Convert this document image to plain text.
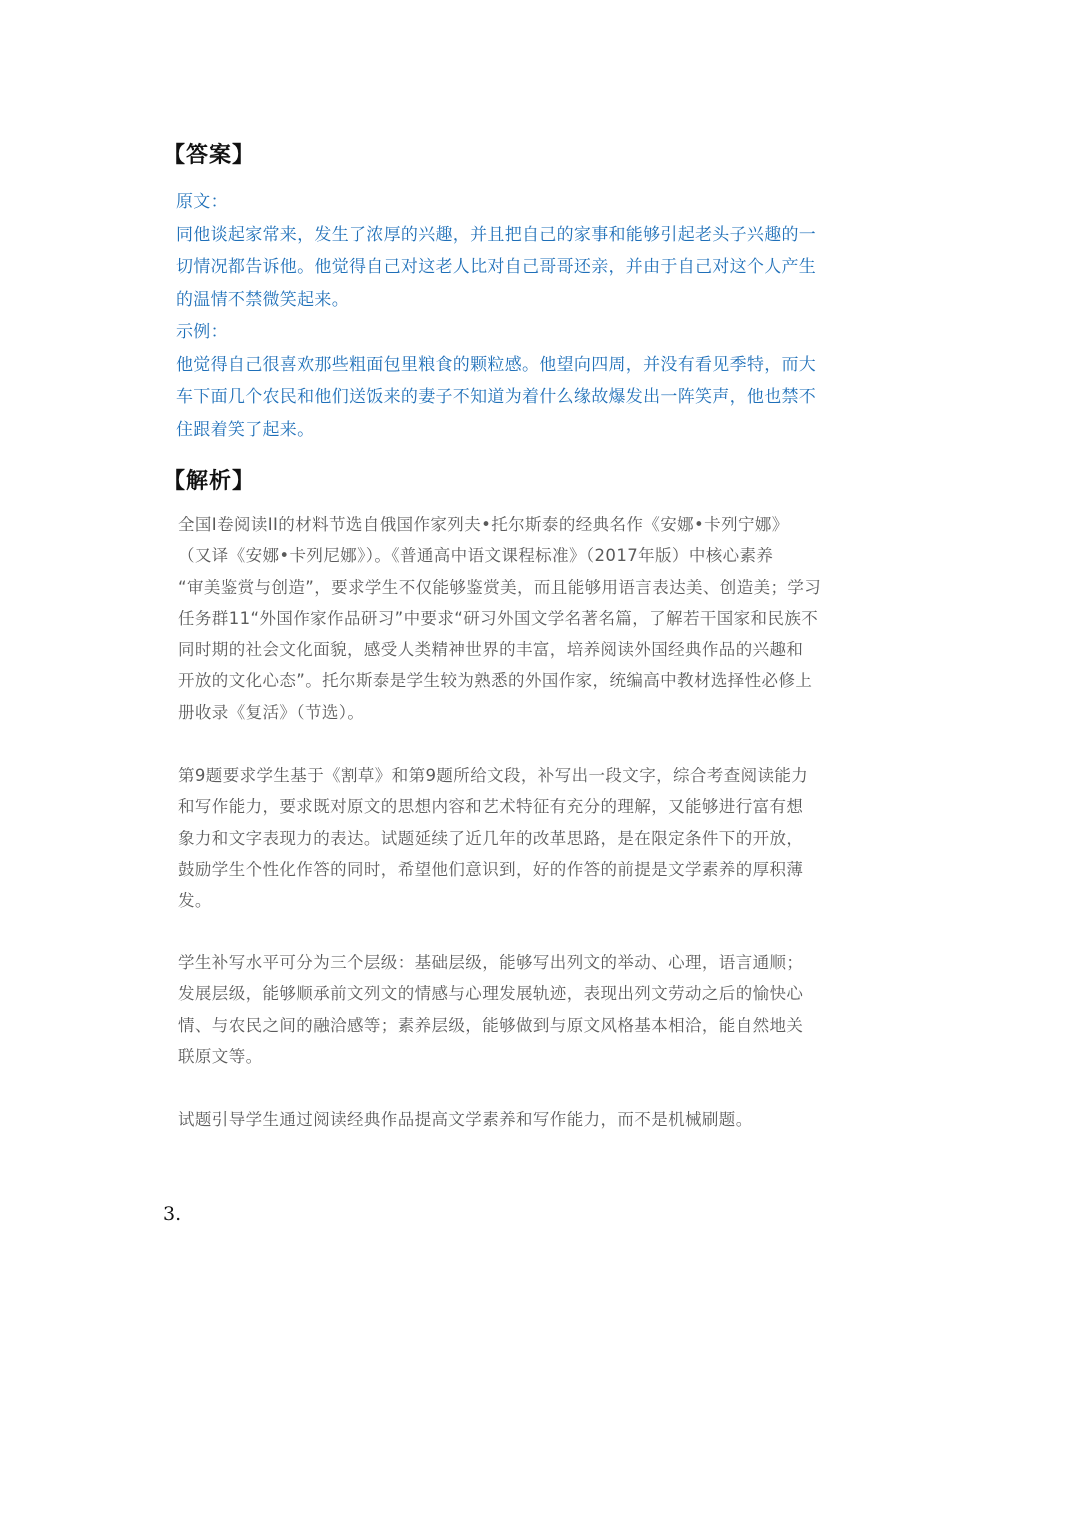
【答案】
原文：
同他谈起家常来，发生了浓厚的兴趣，并且把自己的家事和能够引起老头子兴趣的一
切情况都告诉他。他觉得自己对这老人比对自己哥哥还亲，并由于自己对这个人产生
的温情不禁微笑起来。
示例：
他觉得自己很喜欢那些粗面包里粮食的颗粒感。他望向四周，并没有看见季特，而大
车下面几个农民和他们送饭来的妻子不知道为着什么缘故爆发出一阵笑声，他也禁不
住跟着笑了起来。
【解析】
全国I卷阅读II的材料节选自俄国作家列夫•托尔斯泰的经典名作《安娜•卡列宁娜》
（又译《安娜•卡列尼娜》）。《普通高中语文课程标准》（2017年版）中核心素养
“审美鉴赏与创造”，要求学生不仅能够鉴赏美，而且能够用语言表达美、创造美；学习
任务群11“外国作家作品研习”中要求“研习外国文学名著名篇，了解若干国家和民族不
同时期的社会文化面貌，感受人类精神世界的丰富，培养阅读外国经典作品的兴趣和
开放的文化心态”。托尔斯泰是学生较为熟悉的外国作家，统编高中教材选择性必修上
册收录《复活》（节选）。
第9题要求学生基于《割草》和第9题所给文段，补写出一段文字，综合考查阅读能力
和写作能力，要求既对原文的思想内容和艺术特征有充分的理解，又能够进行富有想
象力和文字表现力的表达。试题延续了近几年的改革思路，是在限定条件下的开放，
鼓励学生个性化作答的同时，希望他们意识到，好的作答的前提是文学素养的厚积薄
发。
学生补写水平可分为三个层级：基础层级，能够写出列文的举动、心理，语言通顺；
发展层级，能够顺承前文列文的情感与心理发展轨迹，表现出列文劳动之后的愉快心
情、与农民之间的融洽感等；素养层级，能够做到与原文风格基本相洽，能自然地关
联原文等。
试题引导学生通过阅读经典作品提高文学素养和写作能力，而不是机械刷题。

3.
